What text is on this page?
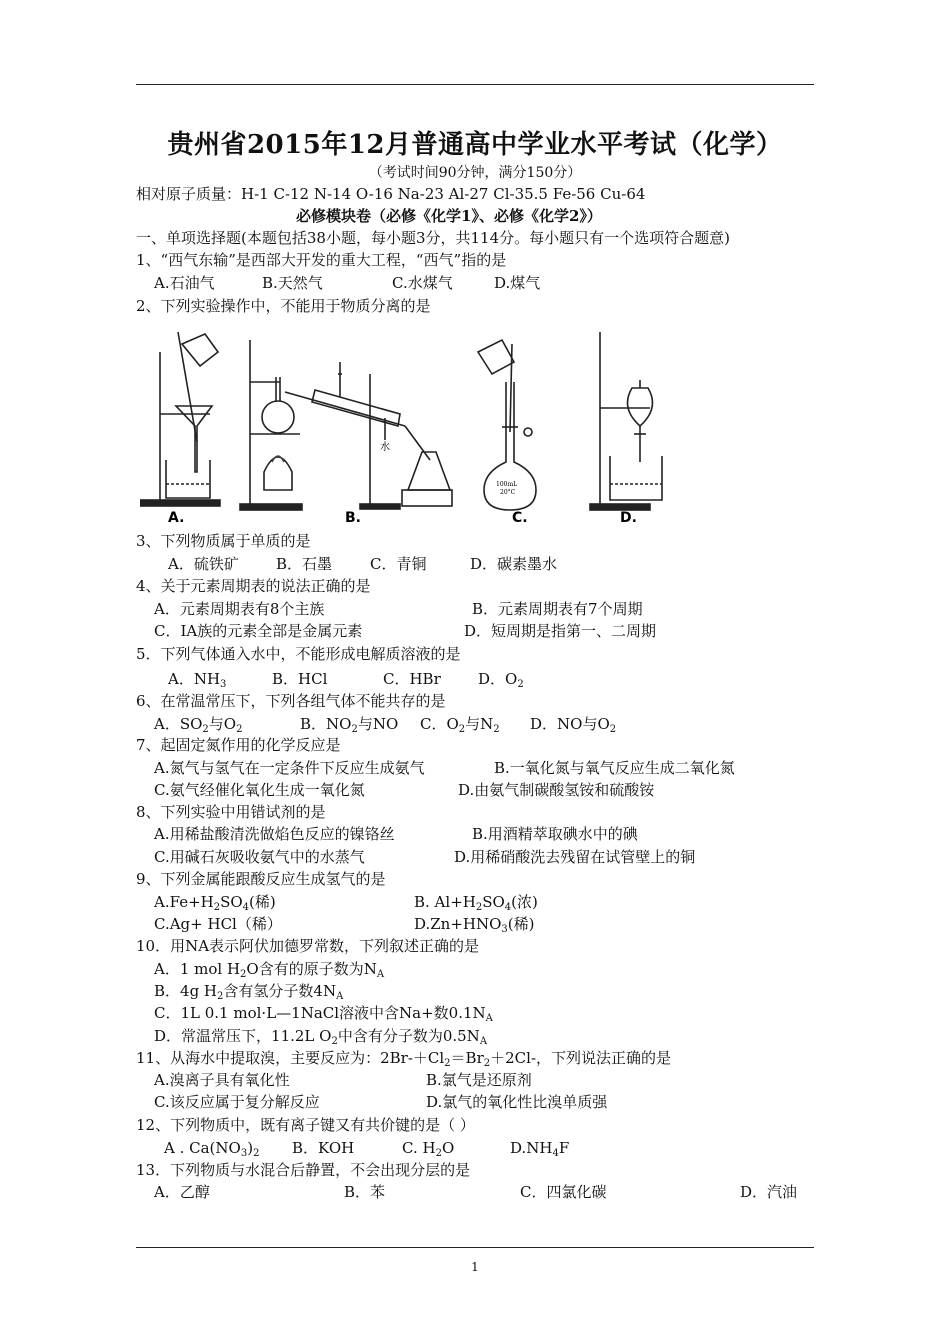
贵州省2015年12月普通高中学业水平考试（化学）
（考试时间90分钟，满分150分）
相对原子质量：H-1 C-12 N-14 O-16 Na-23 Al-27 Cl-35.5 Fe-56 Cu-64
必修模块卷（必修《化学1》、必修《化学2》）
一、单项选择题(本题包括38小题，每小题3分，共114分。每小题只有一个选项符合题意)
1、“西气东输”是西部大开发的重大工程，“西气”指的是
A.石油气	B.天然气	C.水煤气	D.煤气
2、下列实验操作中，不能用于物质分离的是
A.	B.
水
C.
100mL
20°C
D.
3、下列物质属于单质的是
A．硫铁矿 B．石墨	C．青铜	D．碳素墨水
4、关于元素周期表的说法正确的是
A．元素周期表有8个主族	B．元素周期表有7个周期
C．ⅠA族的元素全部是金属元素	D．短周期是指第一、二周期
5．下列气体通入水中，不能形成电解质溶液的是
A．$NH_3$	B．HCl	C．HBr D．$O_2$
6、在常温常压下，下列各组气体不能共存的是
A．$SO_2$与$O_2$	B．$NO_2$与NO C．$O_2$与$N_2$ D．NO与$O_2$
7、起固定氮作用的化学反应是
A.氮气与氢气在一定条件下反应生成氨气	B.一氧化氮与氧气反应生成二氧化氮
C.氨气经催化氧化生成一氧化氮	D.由氨气制碳酸氢铵和硫酸铵
8、下列实验中用错试剂的是
A.用稀盐酸清洗做焰色反应的镍铬丝	B.用酒精萃取碘水中的碘
C.用碱石灰吸收氨气中的水蒸气	D.用稀硝酸洗去残留在试管壁上的铜
9、下列金属能跟酸反应生成氢气的是
$A.Fe+H_2SO_4$(稀)	B. $Al+H_2SO_4$(浓)
C.Ag+ HCl（稀）	$D.Zn+HNO_3$(稀)
10．用NA表示阿伏加德罗常数，下列叙述正确的是
A．1 mol $H_2O$含有的原子数为$N_A$
B．4g $H_2$含有氢分子数$4N_A$
C．1L 0.1 mol·L—1NaCl溶液中含Na+数$0.1N_A$
D．常温常压下，11.2L $O_2$中含有分子数为$0.5N_A$
11、从海水中提取溴，主要反应为：$2Br-+Cl_2=Br_2+2Cl-$，下列说法正确的是
A.溴离子具有氧化性	B.氯气是还原剂
C.该反应属于复分解反应	D.氯气的氧化性比溴单质强
12、下列物质中，既有离子键又有共价键的是（ ）
A . $Ca(NO_3)_2$ B．KOH	C. $H_2O$	$D.NH_4F$
13．下列物质与水混合后静置，不会出现分层的是
A．乙醇	B．苯	C．四氯化碳	D．汽油
1
